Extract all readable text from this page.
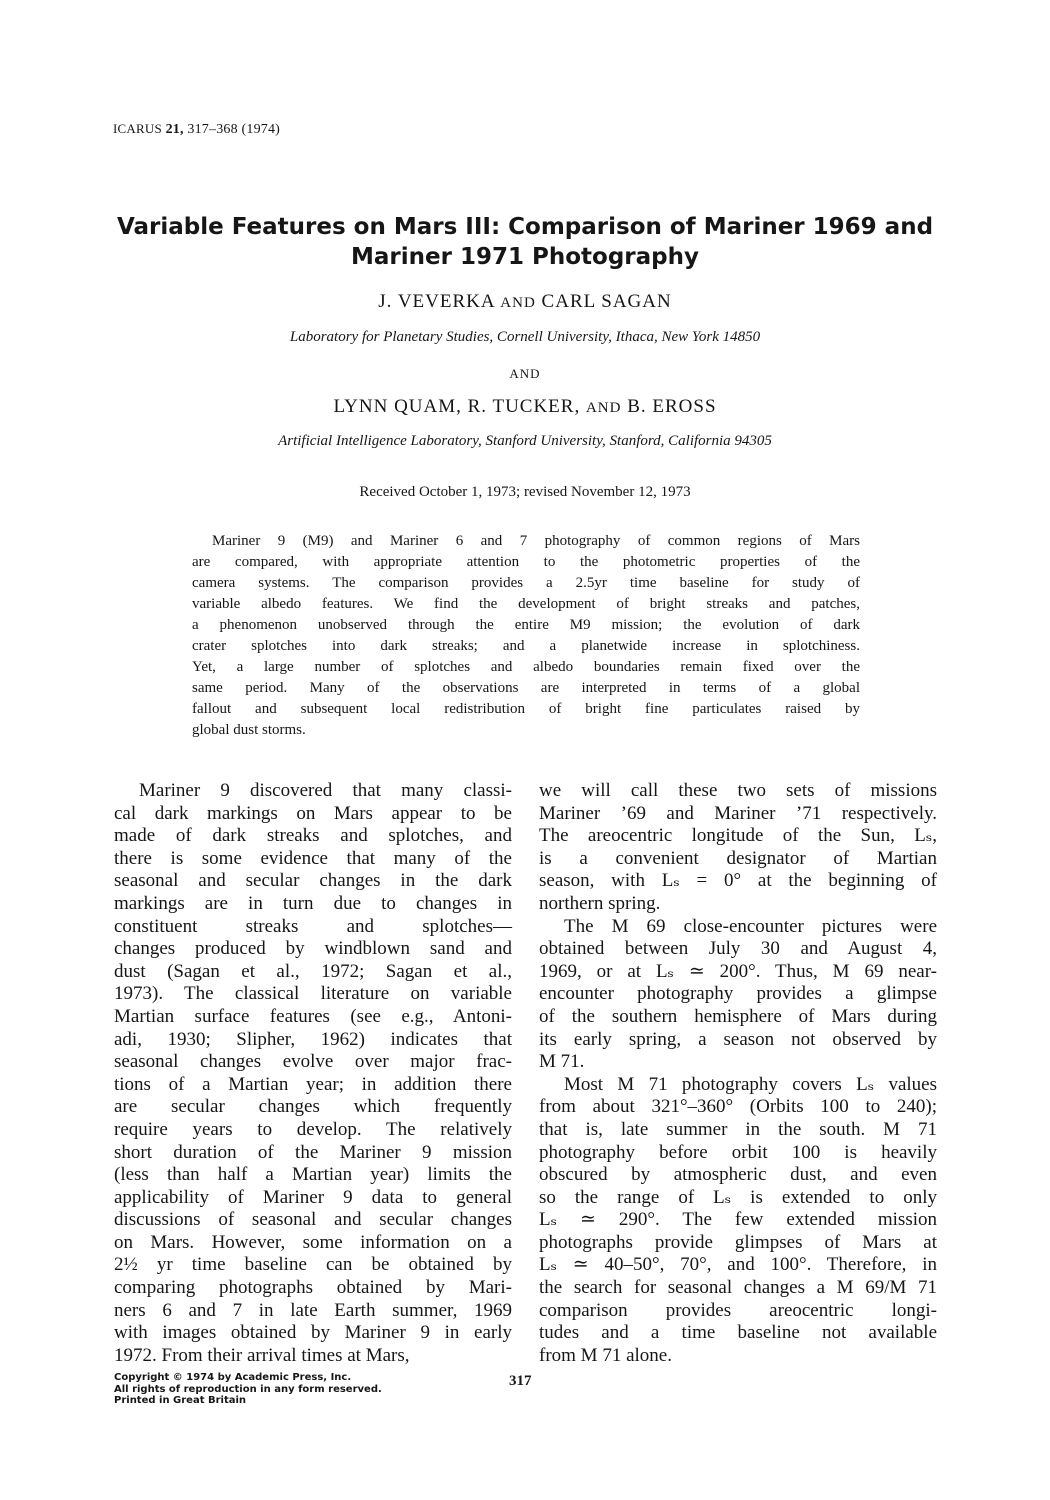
ICARUS 21, 317–368 (1974)
Variable Features on Mars III: Comparison of Mariner 1969 and
Mariner 1971 Photography
J. VEVERKA AND CARL SAGAN
Laboratory for Planetary Studies, Cornell University, Ithaca, New York 14850
AND
LYNN QUAM, R. TUCKER, AND B. EROSS
Artificial Intelligence Laboratory, Stanford University, Stanford, California 94305
Received October 1, 1973; revised November 12, 1973
Mariner 9 (M9) and Mariner 6 and 7 photography of common regions of Mars
are compared, with appropriate attention to the photometric properties of the
camera systems. The comparison provides a 2.5yr time baseline for study of
variable albedo features. We find the development of bright streaks and patches,
a phenomenon unobserved through the entire M9 mission; the evolution of dark
crater splotches into dark streaks; and a planetwide increase in splotchiness.
Yet, a large number of splotches and albedo boundaries remain fixed over the
same period. Many of the observations are interpreted in terms of a global
fallout and subsequent local redistribution of bright fine particulates raised by
global dust storms.
Mariner 9 discovered that many classi-
cal dark markings on Mars appear to be
made of dark streaks and splotches, and
there is some evidence that many of the
seasonal and secular changes in the dark
markings are in turn due to changes in
constituent streaks and splotches—
changes produced by windblown sand and
dust (Sagan et al., 1972; Sagan et al.,
1973). The classical literature on variable
Martian surface features (see e.g., Antoni-
adi, 1930; Slipher, 1962) indicates that
seasonal changes evolve over major frac-
tions of a Martian year; in addition there
are secular changes which frequently
require years to develop. The relatively
short duration of the Mariner 9 mission
(less than half a Martian year) limits the
applicability of Mariner 9 data to general
discussions of seasonal and secular changes
on Mars. However, some information on a
2½ yr time baseline can be obtained by
comparing photographs obtained by Mari-
ners 6 and 7 in late Earth summer, 1969
with images obtained by Mariner 9 in early
1972. From their arrival times at Mars,
we will call these two sets of missions
Mariner ’69 and Mariner ’71 respectively.
The areocentric longitude of the Sun, Lₛ,
is a convenient designator of Martian
season, with Lₛ = 0° at the beginning of
northern spring.
The M 69 close-encounter pictures were
obtained between July 30 and August 4,
1969, or at Lₛ ≃ 200°. Thus, M 69 near-
encounter photography provides a glimpse
of the southern hemisphere of Mars during
its early spring, a season not observed by
M 71.
Most M 71 photography covers Lₛ values
from about 321°–360° (Orbits 100 to 240);
that is, late summer in the south. M 71
photography before orbit 100 is heavily
obscured by atmospheric dust, and even
so the range of Lₛ is extended to only
Lₛ ≃ 290°. The few extended mission
photographs provide glimpses of Mars at
Lₛ ≃ 40–50°, 70°, and 100°. Therefore, in
the search for seasonal changes a M 69/M 71
comparison provides areocentric longi-
tudes and a time baseline not available
from M 71 alone.
Copyright © 1974 by Academic Press, Inc.
All rights of reproduction in any form reserved.
Printed in Great Britain
317
